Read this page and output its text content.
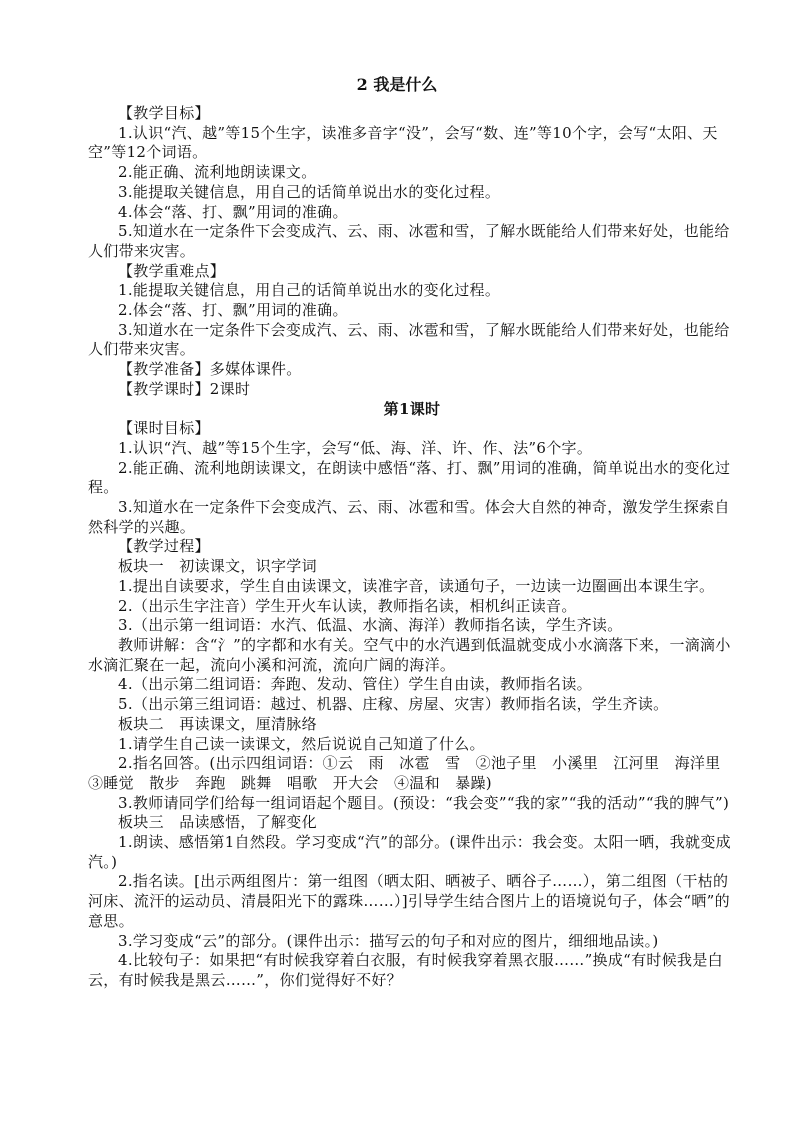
2 我是什么

【教学目标】

1.认识“汽、越”等15个生字，读准多音字“没”，会写“数、连”等10个字，会写“太阳、天空”等12个词语。

2.能正确、流利地朗读课文。

3.能提取关键信息，用自己的话简单说出水的变化过程。

4.体会“落、打、飘”用词的准确。

5.知道水在一定条件下会变成汽、云、雨、冰雹和雪，了解水既能给人们带来好处，也能给人们带来灾害。

【教学重难点】

1.能提取关键信息，用自己的话简单说出水的变化过程。

2.体会“落、打、飘”用词的准确。

3.知道水在一定条件下会变成汽、云、雨、冰雹和雪，了解水既能给人们带来好处，也能给人们带来灾害。

【教学准备】多媒体课件。

【教学课时】2课时

第1课时

【课时目标】

1.认识“汽、越”等15个生字，会写“低、海、洋、许、作、法”6个字。

2.能正确、流利地朗读课文，在朗读中感悟“落、打、飘”用词的准确，简单说出水的变化过程。

3.知道水在一定条件下会变成汽、云、雨、冰雹和雪。体会大自然的神奇，激发学生探索自然科学的兴趣。

【教学过程】

板块一　初读课文，识字学词

1.提出自读要求，学生自由读课文，读准字音，读通句子，一边读一边圈画出本课生字。

2.（出示生字注音）学生开火车认读，教师指名读，相机纠正读音。

3.（出示第一组词语：水汽、低温、水滴、海洋）教师指名读，学生齐读。

教师讲解：含“氵”的字都和水有关。空气中的水汽遇到低温就变成小水滴落下来，一滴滴小水滴汇聚在一起，流向小溪和河流，流向广阔的海洋。

4.（出示第二组词语：奔跑、发动、管住）学生自由读，教师指名读。

5.（出示第三组词语：越过、机器、庄稼、房屋、灾害）教师指名读，学生齐读。

板块二　再读课文，厘清脉络

1.请学生自己读一读课文，然后说说自己知道了什么。

2.指名回答。(出示四组词语：①云　雨　冰雹　雪　②池子里　小溪里　江河里　海洋里　③睡觉　散步　奔跑　跳舞　唱歌　开大会　④温和　暴躁)

3.教师请同学们给每一组词语起个题目。(预设：“我会变”“我的家”“我的活动”“我的脾气”)

板块三　品读感悟，了解变化

1.朗读、感悟第1自然段。学习变成“汽”的部分。(课件出示：我会变。太阳一晒，我就变成汽。)

2.指名读。[出示两组图片：第一组图（晒太阳、晒被子、晒谷子……），第二组图（干枯的河床、流汗的运动员、清晨阳光下的露珠……）]引导学生结合图片上的语境说句子，体会“晒”的意思。

3.学习变成“云”的部分。(课件出示：描写云的句子和对应的图片，细细地品读。)

4.比较句子：如果把“有时候我穿着白衣服，有时候我穿着黑衣服……”换成“有时候我是白云，有时候我是黑云……”，你们觉得好不好？
